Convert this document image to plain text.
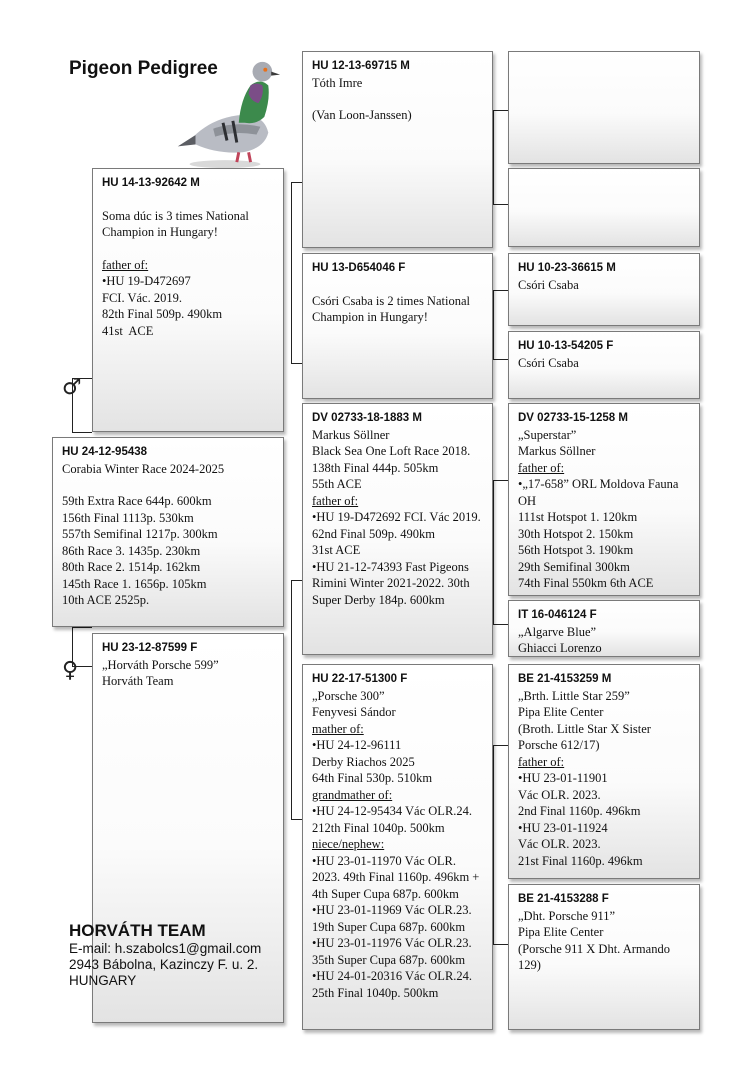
Pigeon Pedigree
♂
♀
HU 14-13-92642 M
Soma dúc is 3 times National Champion in Hungary!
father of:
•HU 19-D472697
FCI. Vác. 2019.
82th Final 509p. 490km
41st  ACE
HU 24-12-95438
Corabia Winter Race 2024-2025
59th Extra Race 644p. 600km
156th Final 1113p. 530km
557th Semifinal 1217p. 300km
86th Race 3. 1435p. 230km
80th Race 2. 1514p. 162km
145th Race 1. 1656p. 105km
10th ACE 2525p.
HU 23-12-87599 F
„Horváth Porsche 599”
Horváth Team
HU 12-13-69715 M
Tóth Imre
(Van Loon-Janssen)
HU 13-D654046 F
Csóri Csaba is 2 times National Champion in Hungary!
DV 02733-18-1883 M
Markus Söllner
Black Sea One Loft Race 2018.
138th Final 444p. 505km
55th ACE
father of:
•HU 19-D472692 FCI. Vác 2019. 62nd Final 509p. 490km
31st ACE
•HU 21-12-74393 Fast Pigeons Rimini Winter 2021-2022. 30th Super Derby 184p. 600km
HU 22-17-51300 F
„Porsche 300”
Fenyvesi Sándor
mather of:
•HU 24-12-96111
Derby Riachos 2025
64th Final 530p. 510km
grandmather of:
•HU 24-12-95434 Vác OLR.24.
212th Final 1040p. 500km
niece/nephew:
•HU 23-01-11970 Vác OLR. 2023. 49th Final 1160p. 496km + 4th Super Cupa 687p. 600km
•HU 23-01-11969 Vác OLR.23. 19th Super Cupa 687p. 600km
•HU 23-01-11976 Vác OLR.23. 35th Super Cupa 687p. 600km
•HU 24-01-20316 Vác OLR.24. 25th Final 1040p. 500km
HU 10-23-36615 M
Csóri Csaba
HU 10-13-54205 F
Csóri Csaba
DV 02733-15-1258 M
„Superstar”
Markus Söllner
father of:
•„17-658” ORL Moldova Fauna OH
111st Hotspot 1. 120km
30th Hotspot 2. 150km
56th Hotspot 3. 190km
29th Semifinal 300km
74th Final 550km 6th ACE
IT 16-046124 F
„Algarve Blue”
Ghiacci Lorenzo
BE 21-4153259 M
„Brth. Little Star 259”
Pipa Elite Center
(Broth. Little Star X Sister Porsche 612/17)
father of:
•HU 23-01-11901
Vác OLR. 2023.
2nd Final 1160p. 496km
•HU 23-01-11924
Vác OLR. 2023.
21st Final 1160p. 496km
BE 21-4153288 F
„Dht. Porsche 911”
Pipa Elite Center
(Porsche 911 X Dht. Armando 129)
HORVÁTH TEAM
E-mail: h.szabolcs1@gmail.com
2943 Bábolna, Kazinczy F. u. 2.
HUNGARY
